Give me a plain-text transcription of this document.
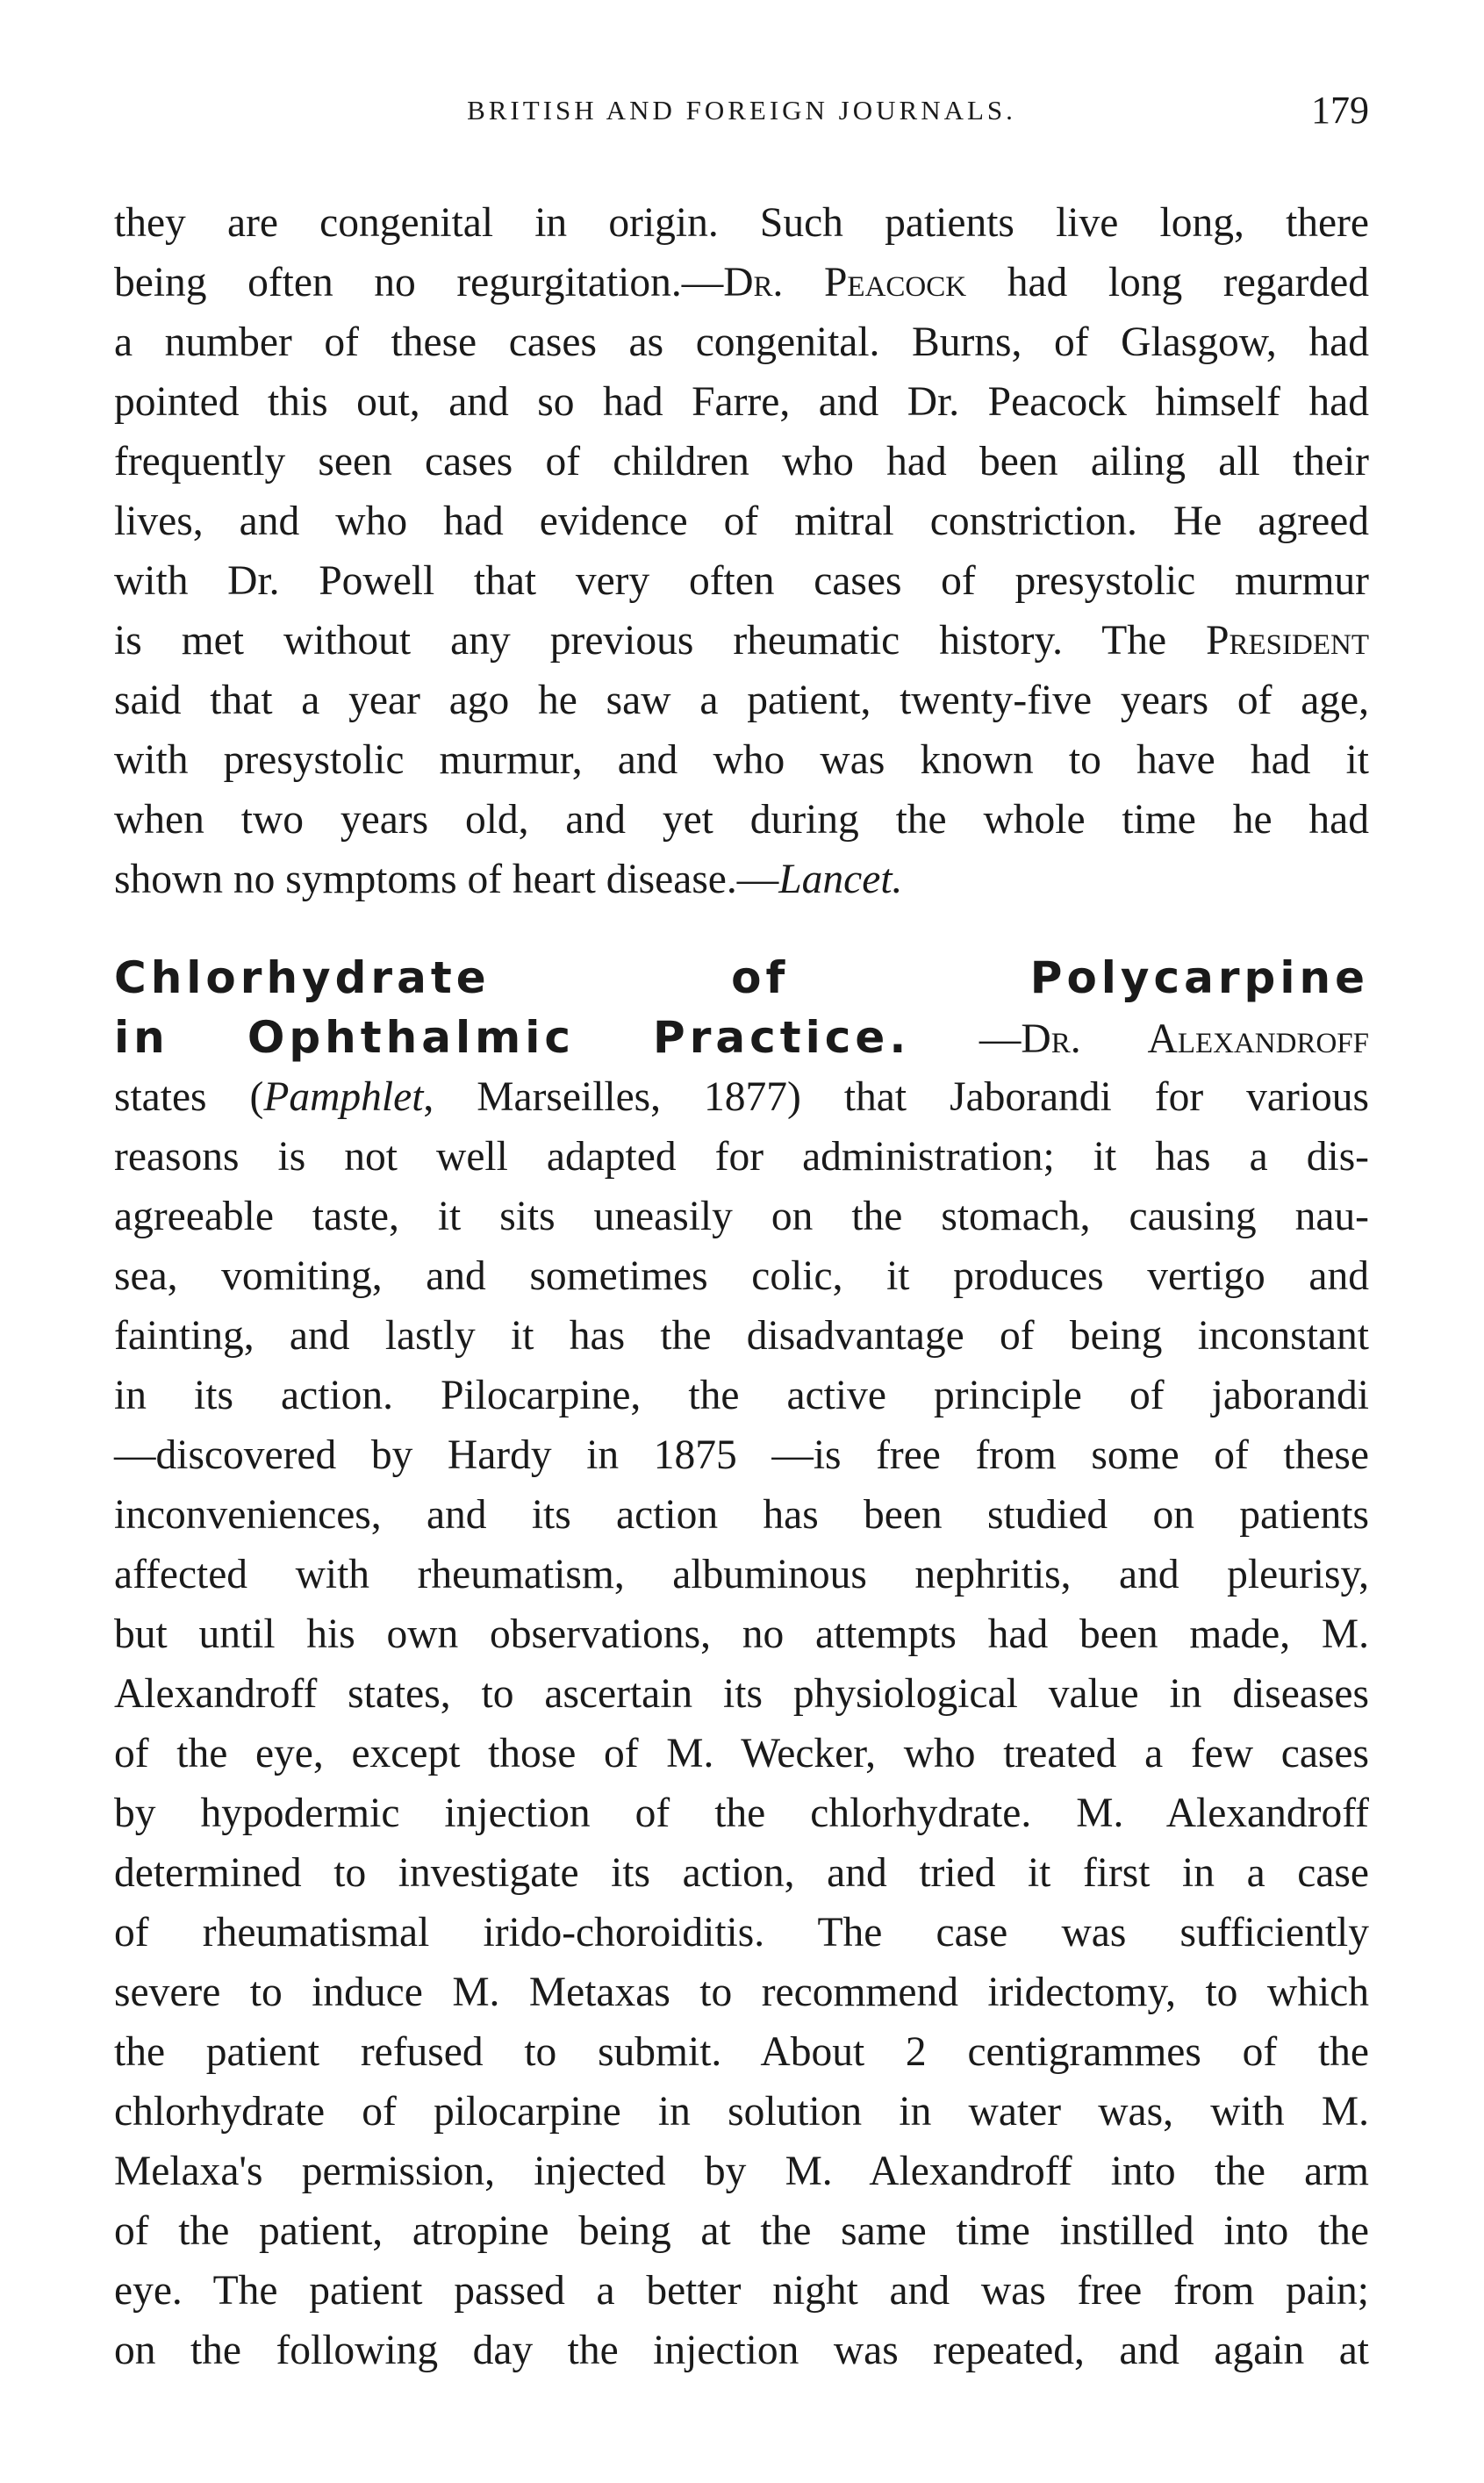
BRITISH AND FOREIGN JOURNALS.	179
they are congenital in origin. Such patients live long, there
being often no regurgitation.—Dr. Peacock had long regarded
a number of these cases as congenital. Burns, of Glasgow, had
pointed this out, and so had Farre, and Dr. Peacock himself had
frequently seen cases of children who had been ailing all their
lives, and who had evidence of mitral constriction. He agreed
with Dr. Powell that very often cases of presystolic murmur
is met without any previous rheumatic history. The President
said that a year ago he saw a patient, twenty-five years of age,
with presystolic murmur, and who was known to have had it
when two years old, and yet during the whole time he had
shown no symptoms of heart disease.—Lancet.
Chlorhydrate of Polycarpine
in Ophthalmic Practice. —Dr. Alexandroff
states (Pamphlet, Marseilles, 1877) that Jaborandi for various
reasons is not well adapted for administration; it has a dis-
agreeable taste, it sits uneasily on the stomach, causing nau-
sea, vomiting, and sometimes colic, it produces vertigo and
fainting, and lastly it has the disadvantage of being inconstant
in its action. Pilocarpine, the active principle of jaborandi
—discovered by Hardy in 1875 —is free from some of these
inconveniences, and its action has been studied on patients
affected with rheumatism, albuminous nephritis, and pleurisy,
but until his own observations, no attempts had been made, M.
Alexandroff states, to ascertain its physiological value in diseases
of the eye, except those of M. Wecker, who treated a few cases
by hypodermic injection of the chlorhydrate. M. Alexandroff
determined to investigate its action, and tried it first in a case
of rheumatismal irido-choroiditis. The case was sufficiently
severe to induce M. Metaxas to recommend iridectomy, to which
the patient refused to submit. About 2 centigrammes of the
chlorhydrate of pilocarpine in solution in water was, with M.
Melaxa's permission, injected by M. Alexandroff into the arm
of the patient, atropine being at the same time instilled into the
eye. The patient passed a better night and was free from pain;
on the following day the injection was repeated, and again at
